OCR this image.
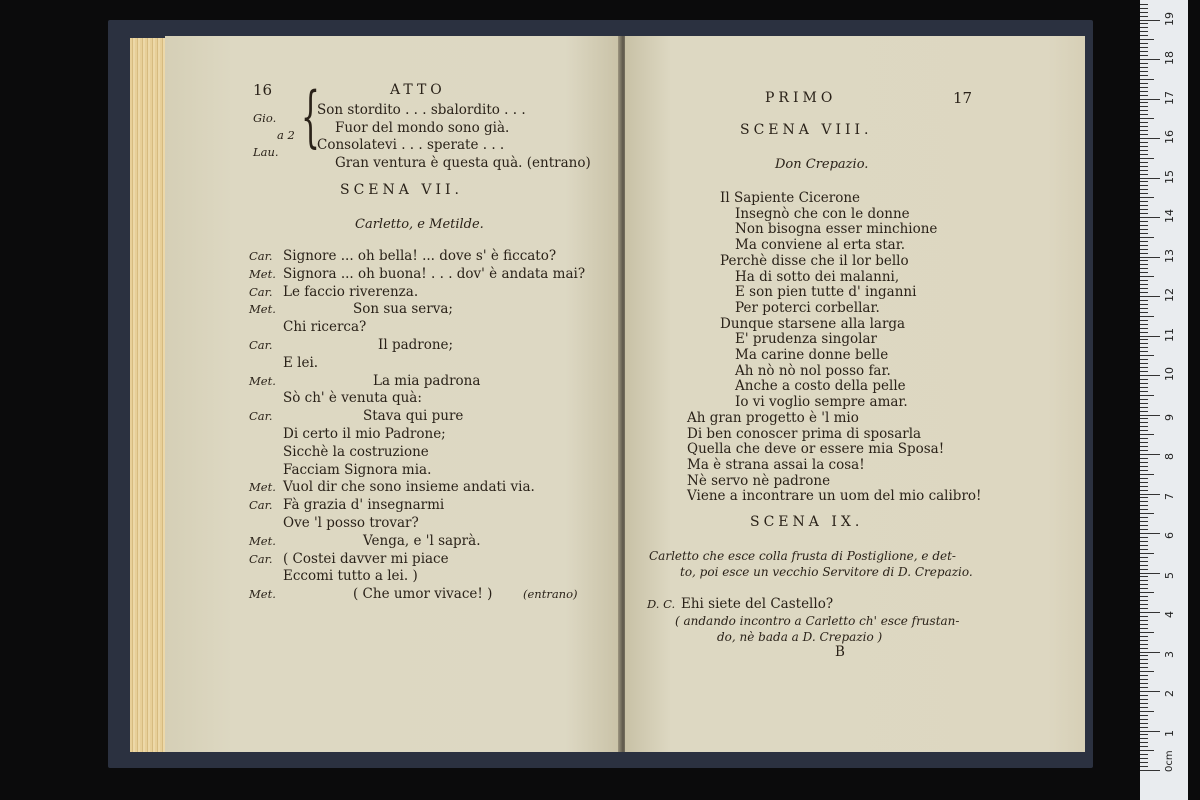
16	ATTO
Gio.
a 2
Lau. {
Son stordito . . . sbalordito . . .
Fuor del mondo sono già.
Consolatevi . . . sperate . . .
Gran ventura è questa quà. (entrano)
SCENA VII.
Carletto, e Metilde.
Car. Signore ... oh bella! ... dove s' è ficcato?
Met. Signora ... oh buona! . . . dov' è andata mai?
Car. Le faccio riverenza.
Met.	Son sua serva;
Chi ricerca?
Car.	Il padrone;
E lei.
Met.	La mia padrona
Sò ch' è venuta quà:
Car.	Stava qui pure
Di certo il mio Padrone;
Sicchè la costruzione
Facciam Signora mia.
Met. Vuol dir che sono insieme andati via.
Car. Fà grazia d' insegnarmi
Ove 'l posso trovar?
Met.	Venga, e 'l saprà.
Car. ( Costei davver mi piace
Eccomi tutto a lei. )
Met.	( Che umor vivace! )	(entrano)
PRIMO	17
SCENA VIII.
Don Crepazio.
Il Sapiente Cicerone
Insegnò che con le donne
Non bisogna esser minchione
Ma conviene al erta star.
Perchè disse che il lor bello
Ha di sotto dei malanni,
E son pien tutte d' inganni
Per poterci corbellar.
Dunque starsene alla larga
E' prudenza singolar
Ma carine donne belle
Ah nò nò nol posso far.
Anche a costo della pelle
Io vi voglio sempre amar.
Ah gran progetto è 'l mio
Di ben conoscer prima di sposarla
Quella che deve or essere mia Sposa!
Ma è strana assai la cosa!
Nè servo nè padrone
Viene a incontrare un uom del mio calibro!
SCENA IX.
Carletto che esce colla frusta di Postiglione, e det-
to, poi esce un vecchio Servitore di D. Crepazio.
D. C. Ehi siete del Castello?
( andando incontro a Carletto ch' esce frustan-
do, nè bada a D. Crepazio )
B
0cm
1
2
3
4
5
6
7
8
9
10
11
12
13
14
15
16
17
18
19
